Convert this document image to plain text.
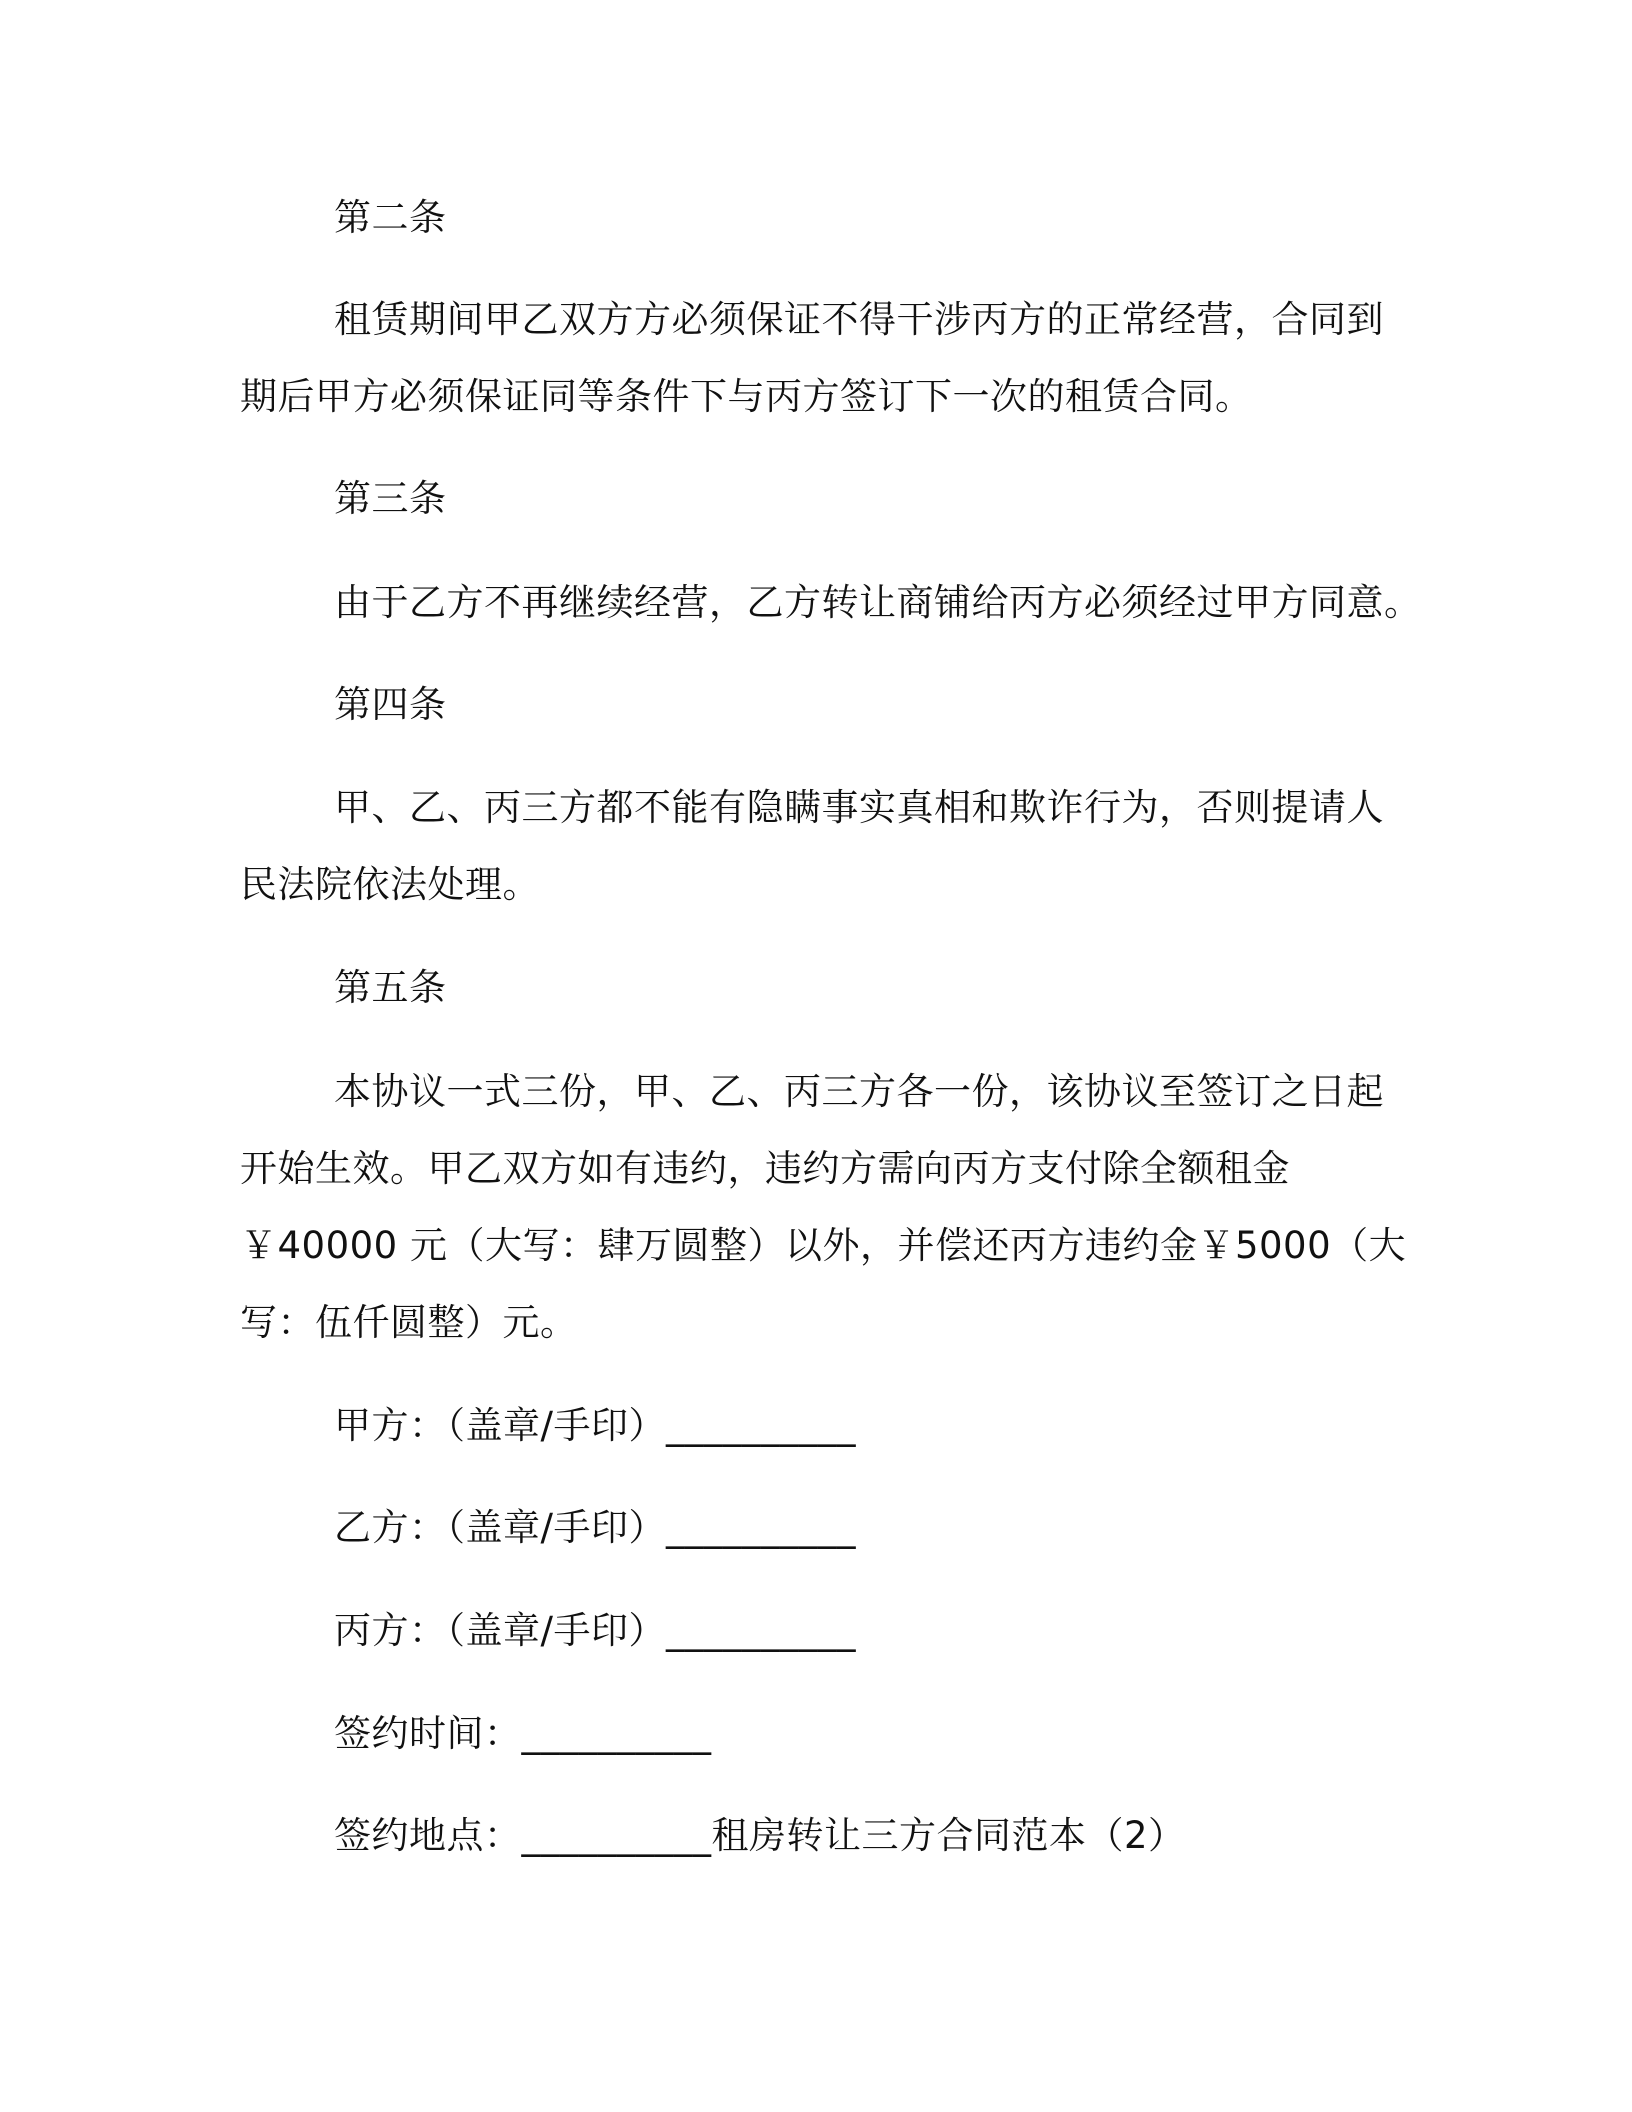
第二条
租赁期间甲乙双方方必须保证不得干涉丙方的正常经营，合同到
期后甲方必须保证同等条件下与丙方签订下一次的租赁合同。
第三条
由于乙方不再继续经营，乙方转让商铺给丙方必须经过甲方同意。
第四条
甲、乙、丙三方都不能有隐瞒事实真相和欺诈行为，否则提请人
民法院依法处理。
第五条
本协议一式三份，甲、乙、丙三方各一份，该协议至签订之日起
开始生效。甲乙双方如有违约，违约方需向丙方支付除全额租金
￥40000 元（大写：肆万圆整）以外，并偿还丙方违约金￥5000（大
写：伍仟圆整）元。
甲方：（盖章/手印）__________
乙方：（盖章/手印）__________
丙方：（盖章/手印）__________
签约时间：__________
签约地点：__________租房转让三方合同范本（2）
